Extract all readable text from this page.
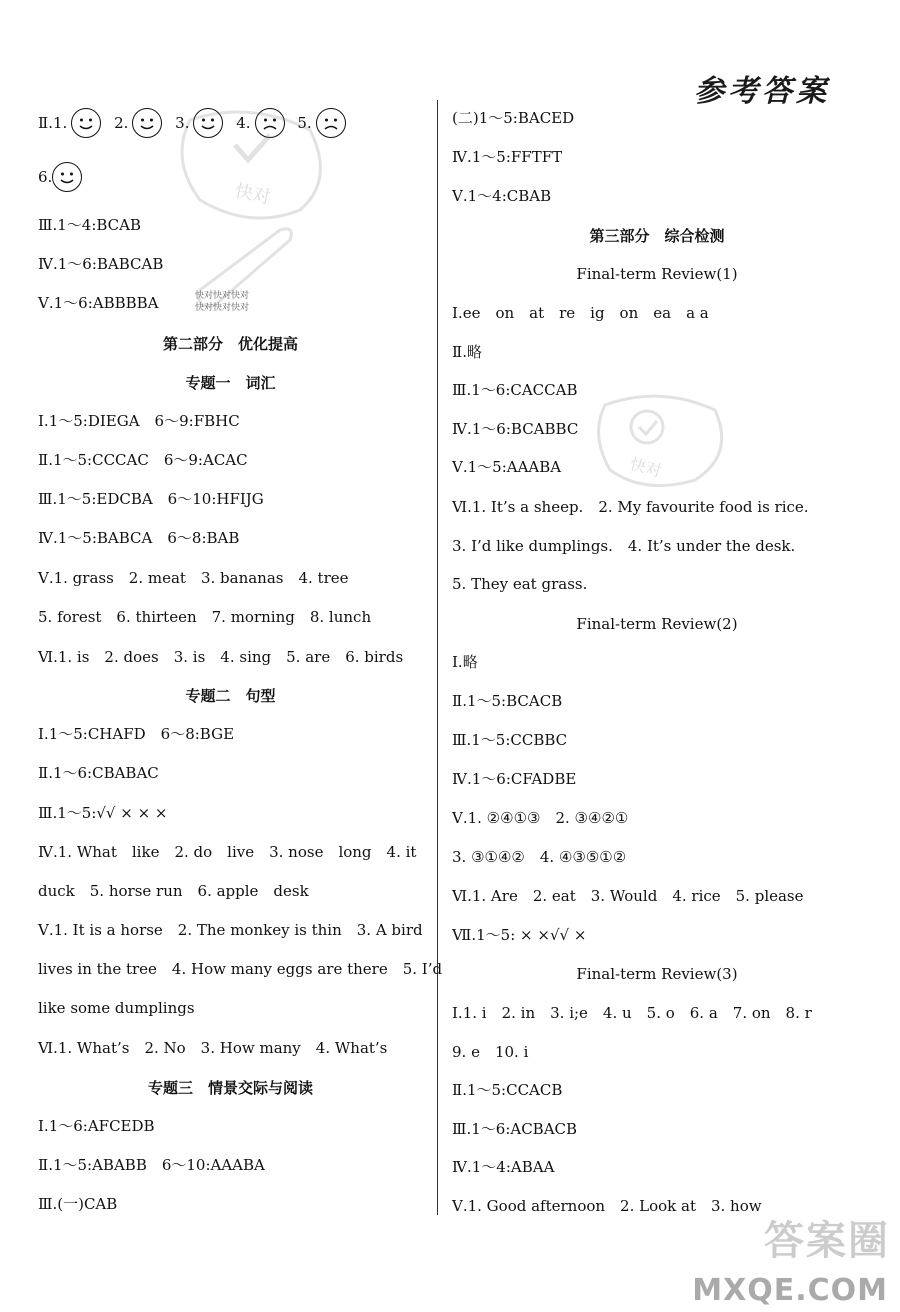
参考答案
Ⅱ.1.	2.	3.	4.	5.
6.
Ⅲ.1～4:BCAB
Ⅳ.1～6:BABCAB
Ⅴ.1～6:ABBBBA
第二部分　优化提高
专题一　词汇
Ⅰ.1～5:DIEGA　6～9:FBHC
Ⅱ.1～5:CCCAC　6～9:ACAC
Ⅲ.1～5:EDCBA　6～10:HFIJG
Ⅳ.1～5:BABCA　6～8:BAB
Ⅴ.1. grass　2. meat　3. bananas　4. tree
5. forest　6. thirteen　7. morning　8. lunch
Ⅵ.1. is　2. does　3. is　4. sing　5. are　6. birds
专题二　句型
Ⅰ.1～5:CHAFD　6～8:BGE
Ⅱ.1～6:CBABAC
Ⅲ.1～5:√√ × × ×
Ⅳ.1. What　like　2. do　live　3. nose　long　4. it
duck　5. horse run　6. apple　desk
Ⅴ.1. It is a horse　2. The monkey is thin　3. A bird
lives in the tree　4. How many eggs are there　5. I’d
like some dumplings
Ⅵ.1. What’s　2. No　3. How many　4. What’s
专题三　情景交际与阅读
Ⅰ.1～6:AFCEDB
Ⅱ.1～5:ABABB　6～10:AAABA
Ⅲ.(一)CAB
快对
快对快对快对
快对快对快对
快对
(二)1～5:BACED
Ⅳ.1～5:FFTFT
Ⅴ.1～4:CBAB
第三部分　综合检测
Final-term Review(1)
Ⅰ.ee　on　at　re　ig　on　ea　a a
Ⅱ.略
Ⅲ.1～6:CACCAB
Ⅳ.1～6:BCABBC
Ⅴ.1～5:AAABA
Ⅵ.1. It’s a sheep.　2. My favourite food is rice.
3. I’d like dumplings.　4. It’s under the desk.
5. They eat grass.
Final-term Review(2)
Ⅰ.略
Ⅱ.1～5:BCACB
Ⅲ.1～5:CCBBC
Ⅳ.1～6:CFADBE
Ⅴ.1. ②④①③　2. ③④②①
3. ③①④②　4. ④③⑤①②
Ⅵ.1. Are　2. eat　3. Would　4. rice　5. please
Ⅶ.1～5: × ×√√ ×
Final-term Review(3)
Ⅰ.1. i　2. in　3. i;e　4. u　5. o　6. a　7. on　8. r
9. e　10. i
Ⅱ.1～5:CCACB
Ⅲ.1～6:ACBACB
Ⅳ.1～4:ABAA
Ⅴ.1. Good afternoon　2. Look at　3. how
答案圈
MXQE.COM
